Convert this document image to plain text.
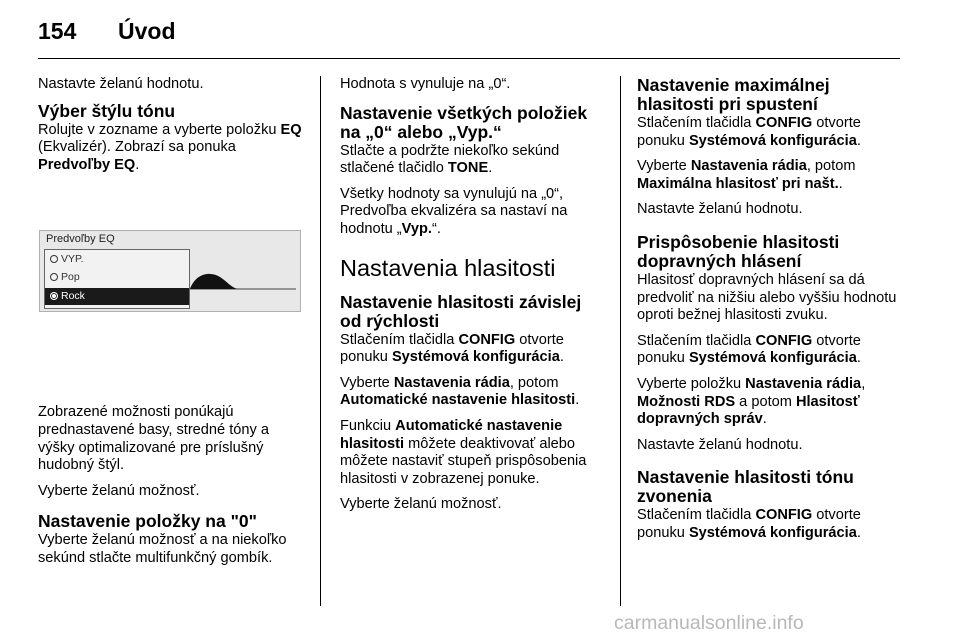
154 Úvod

Nastavte želanú hodnotu.

Výber štýlu tónu

Rolujte v zozname a vyberte položku EQ (Ekvalizér). Zobrazí sa ponuka Predvoľby EQ.

Predvoľby EQ
VYP.
Pop
Rock

Zobrazené možnosti ponúkajú prednastavené basy, stredné tóny a výšky optimalizované pre príslušný hudobný štýl.

Vyberte želanú možnosť.

Nastavenie položky na "0"

Vyberte želanú možnosť a na niekoľko sekúnd stlačte multifunkčný gombík.

Hodnota s vynuluje na „0“.

Nastavenie všetkých položiek na „0“ alebo „Vyp.“

Stlačte a podržte niekoľko sekúnd stlačené tlačidlo TONE.

Všetky hodnoty sa vynulujú na „0“, Predvoľba ekvalizéra sa nastaví na hodnotu „Vyp.“.

Nastavenia hlasitosti
Nastavenie hlasitosti závislej od rýchlosti

Stlačením tlačidla CONFIG otvorte ponuku Systémová konfigurácia.

Vyberte Nastavenia rádia, potom Automatické nastavenie hlasitosti.

Funkciu Automatické nastavenie hlasitosti môžete deaktivovať alebo môžete nastaviť stupeň prispôsobenia hlasitosti v zobrazenej ponuke.

Vyberte želanú možnosť.

Nastavenie maximálnej hlasitosti pri spustení

Stlačením tlačidla CONFIG otvorte ponuku Systémová konfigurácia.

Vyberte Nastavenia rádia, potom Maximálna hlasitosť pri našt..

Nastavte želanú hodnotu.

Prispôsobenie hlasitosti dopravných hlásení

Hlasitosť dopravných hlásení sa dá predvoliť na nižšiu alebo vyššiu hodnotu oproti bežnej hlasitosti zvuku.

Stlačením tlačidla CONFIG otvorte ponuku Systémová konfigurácia.

Vyberte položku Nastavenia rádia, Možnosti RDS a potom Hlasitosť dopravných správ.

Nastavte želanú hodnotu.

Nastavenie hlasitosti tónu zvonenia

Stlačením tlačidla CONFIG otvorte ponuku Systémová konfigurácia.

carmanualsonline.info
